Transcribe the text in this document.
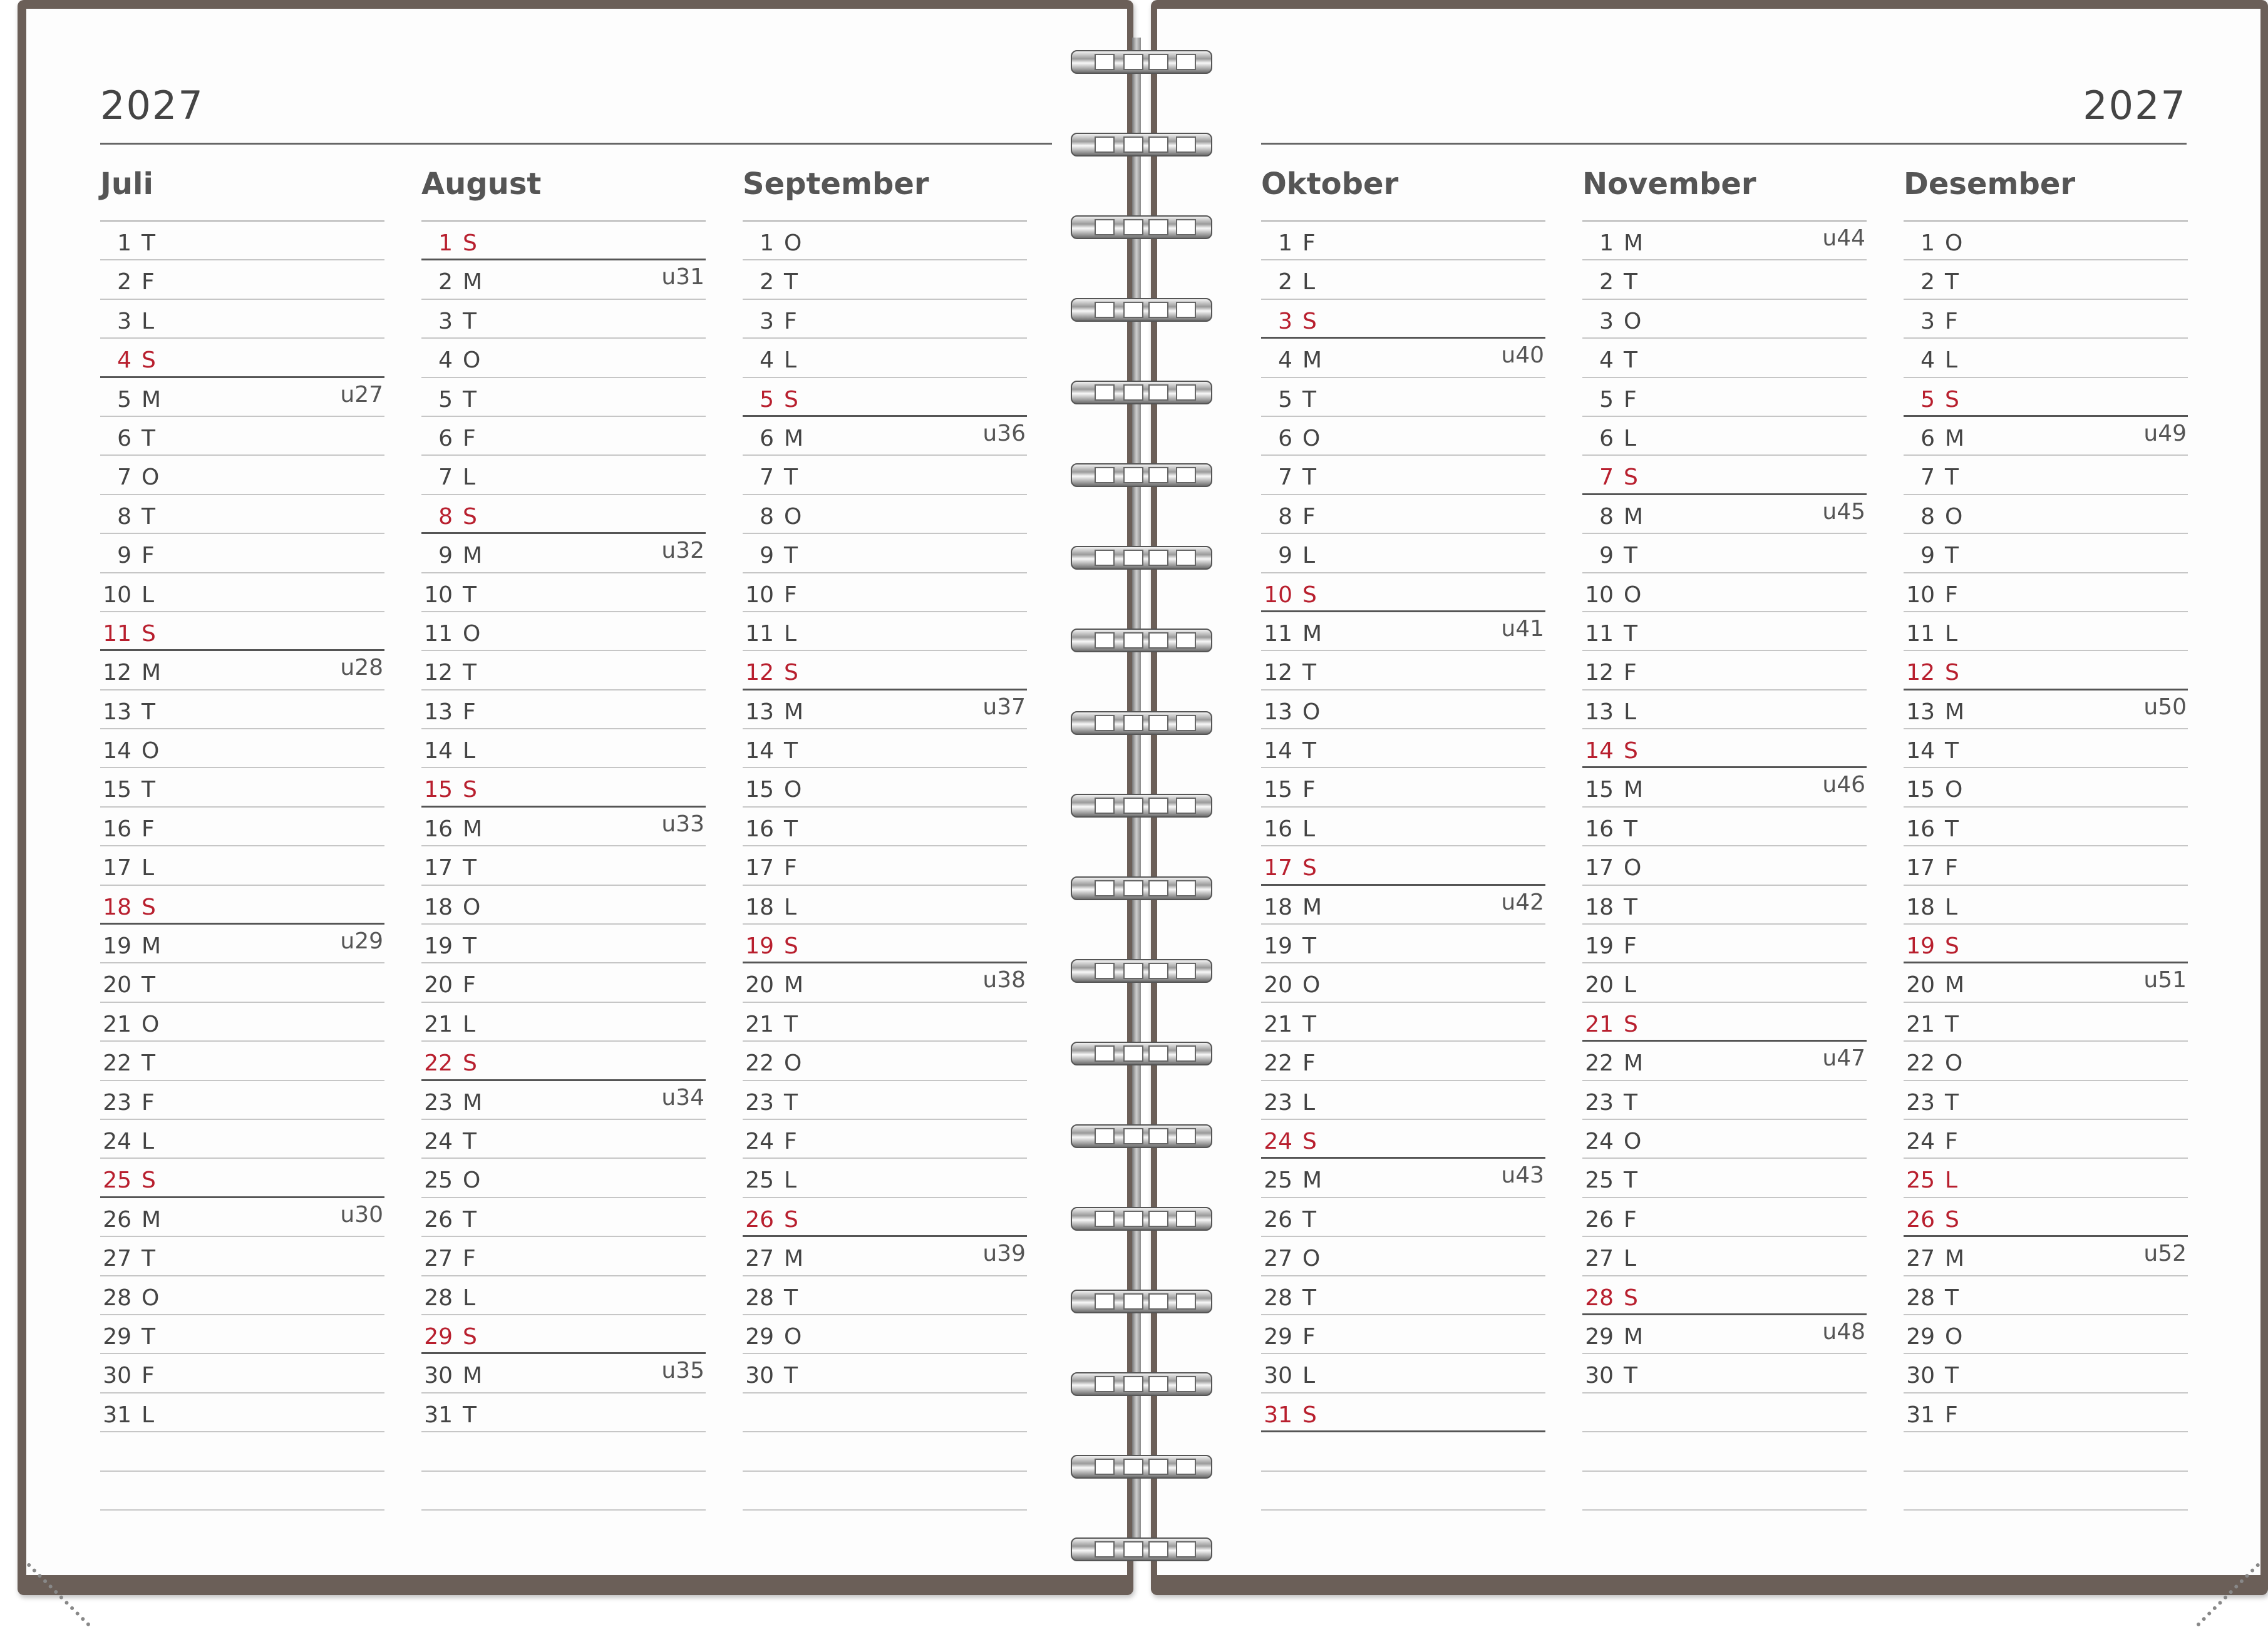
2027
Juli
1 T
2 F
3 L
4 S
5 M	u27
6 T
7 O
8 T
9 F
10 L
11 S
12 M	u28
13 T
14 O
15 T
16 F
17 L
18 S
19 M	u29
20 T
21 O
22 T
23 F
24 L
25 S
26 M	u30
27 T
28 O
29 T
30 F
31 L
August
1 S
2 M	u31
3 T
4 O
5 T
6 F
7 L
8 S
9 M	u32
10 T
11 O
12 T
13 F
14 L
15 S
16 M	u33
17 T
18 O
19 T
20 F
21 L
22 S
23 M	u34
24 T
25 O
26 T
27 F
28 L
29 S
30 M	u35
31 T
September
1 O
2 T
3 F
4 L
5 S
6 M	u36
7 T
8 O
9 T
10 F
11 L
12 S
13 M	u37
14 T
15 O
16 T
17 F
18 L
19 S
20 M	u38
21 T
22 O
23 T
24 F
25 L
26 S
27 M	u39
28 T
29 O
30 T
2027
Oktober
1 F
2 L
3 S
4 M	u40
5 T
6 O
7 T
8 F
9 L
10 S
11 M	u41
12 T
13 O
14 T
15 F
16 L
17 S
18 M	u42
19 T
20 O
21 T
22 F
23 L
24 S
25 M	u43
26 T
27 O
28 T
29 F
30 L
31 S
November
1 M	u44
2 T
3 O
4 T
5 F
6 L
7 S
8 M	u45
9 T
10 O
11 T
12 F
13 L
14 S
15 M	u46
16 T
17 O
18 T
19 F
20 L
21 S
22 M	u47
23 T
24 O
25 T
26 F
27 L
28 S
29 M	u48
30 T
Desember
1 O
2 T
3 F
4 L
5 S
6 M	u49
7 T
8 O
9 T
10 F
11 L
12 S
13 M	u50
14 T
15 O
16 T
17 F
18 L
19 S
20 M	u51
21 T
22 O
23 T
24 F
25 L
26 S
27 M	u52
28 T
29 O
30 T
31 F
